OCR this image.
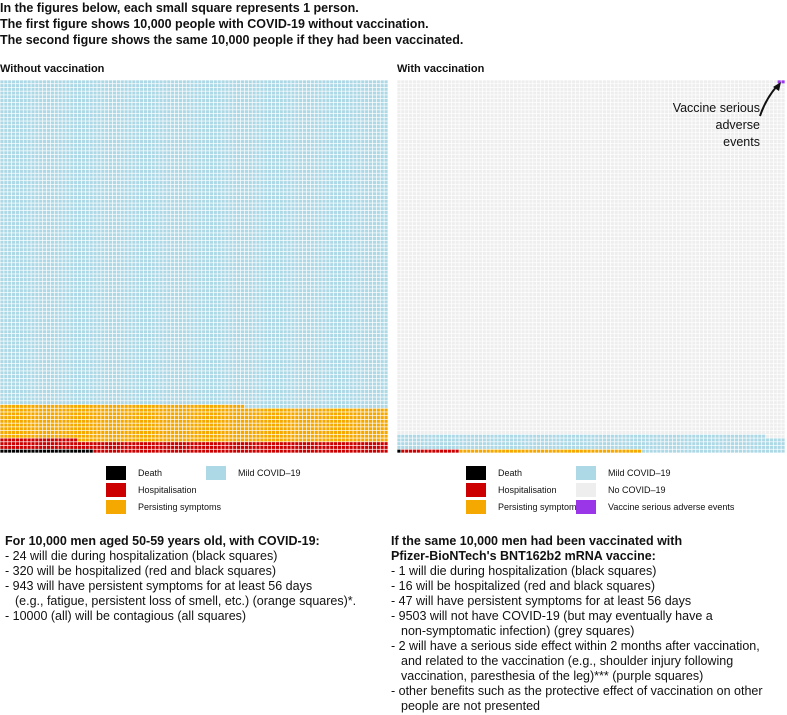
In the figures below, each small square represents 1 person.
The first figure shows 10,000 people with COVID-19 without vaccination.
The second figure shows the same 10,000 people if they had been vaccinated.
Without vaccination	With vaccination
Vaccine serious
adverse
events
Death
Hospitalisation
Persisting symptoms
Mild COVID–19	Death
Hospitalisation
Persisting symptoms
Mild COVID–19
No COVID–19
Vaccine serious adverse events
For 10,000 men aged 50-59 years old, with COVID-19:
- 24 will die during hospitalization (black squares)
- 320 will be hospitalized (red and black squares)
- 943 will have persistent symptoms for at least 56 days
(e.g., fatigue, persistent loss of smell, etc.) (orange squares)*.
- 10000 (all) will be contagious (all squares)
If the same 10,000 men had been vaccinated with
Pfizer-BioNTech's BNT162b2 mRNA vaccine:
- 1 will die during hospitalization (black squares)
- 16 will be hospitalized (red and black squares)
- 47 will have persistent symptoms for at least 56 days
- 9503 will not have COVID-19 (but may eventually have a
non-symptomatic infection) (grey squares)
- 2 will have a serious side effect within 2 months after vaccination,
and related to the vaccination (e.g., shoulder injury following
vaccination, paresthesia of the leg)*** (purple squares)
- other benefits such as the protective effect of vaccination on other
people are not presented
